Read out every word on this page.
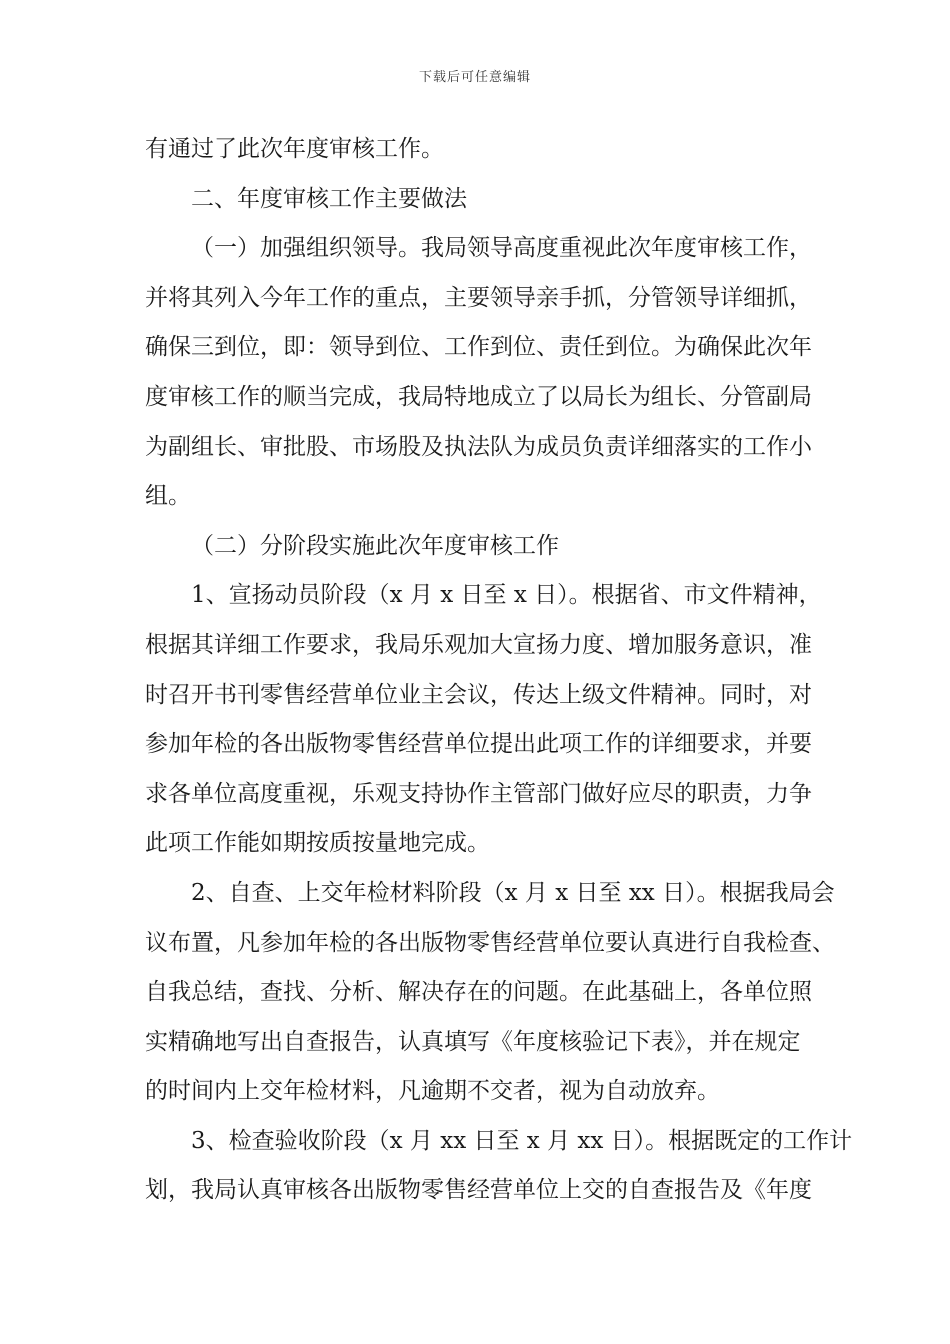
下载后可任意编辑
有通过了此次年度审核工作。
二、年度审核工作主要做法
（一）加强组织领导。我局领导高度重视此次年度审核工作，
并将其列入今年工作的重点，主要领导亲手抓，分管领导详细抓，
确保三到位，即：领导到位、工作到位、责任到位。为确保此次年
度审核工作的顺当完成，我局特地成立了以局长为组长、分管副局
为副组长、审批股、市场股及执法队为成员负责详细落实的工作小
组。
（二）分阶段实施此次年度审核工作
1、宣扬动员阶段（x 月 x 日至 x 日）。根据省、市文件精神，
根据其详细工作要求，我局乐观加大宣扬力度、增加服务意识，准
时召开书刊零售经营单位业主会议，传达上级文件精神。同时，对
参加年检的各出版物零售经营单位提出此项工作的详细要求，并要
求各单位高度重视，乐观支持协作主管部门做好应尽的职责，力争
此项工作能如期按质按量地完成。
2、自查、上交年检材料阶段（x 月 x 日至 xx 日）。根据我局会
议布置，凡参加年检的各出版物零售经营单位要认真进行自我检查、
自我总结，查找、分析、解决存在的问题。在此基础上，各单位照
实精确地写出自查报告，认真填写《年度核验记下表》，并在规定
的时间内上交年检材料，凡逾期不交者，视为自动放弃。
3、检查验收阶段（x 月 xx 日至 x 月 xx 日）。根据既定的工作计
划，我局认真审核各出版物零售经营单位上交的自查报告及《年度
